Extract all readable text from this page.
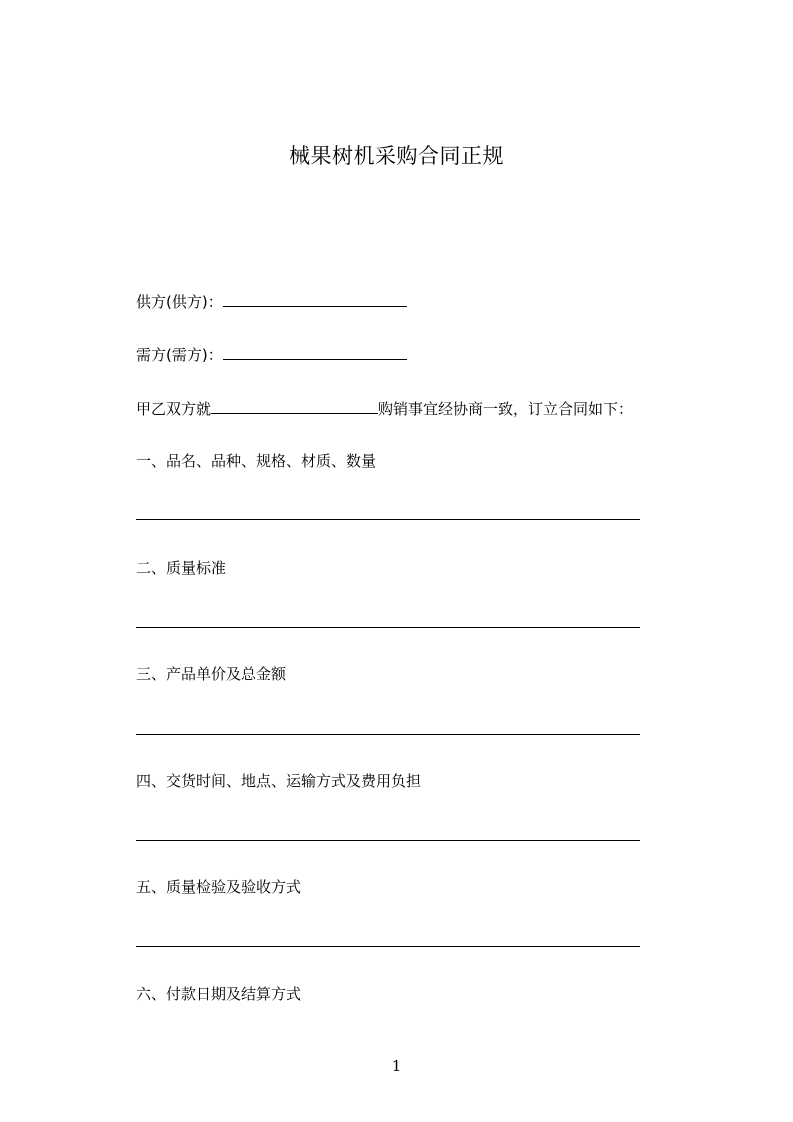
械果树机采购合同正规

供方(供方)：

需方(需方)：

甲乙双方就	购销事宜经协商一致，订立合同如下：

一、品名、品种、规格、材质、数量

二、质量标准

三、产品单价及总金额

四、交货时间、地点、运输方式及费用负担

五、质量检验及验收方式

六、付款日期及结算方式

1
